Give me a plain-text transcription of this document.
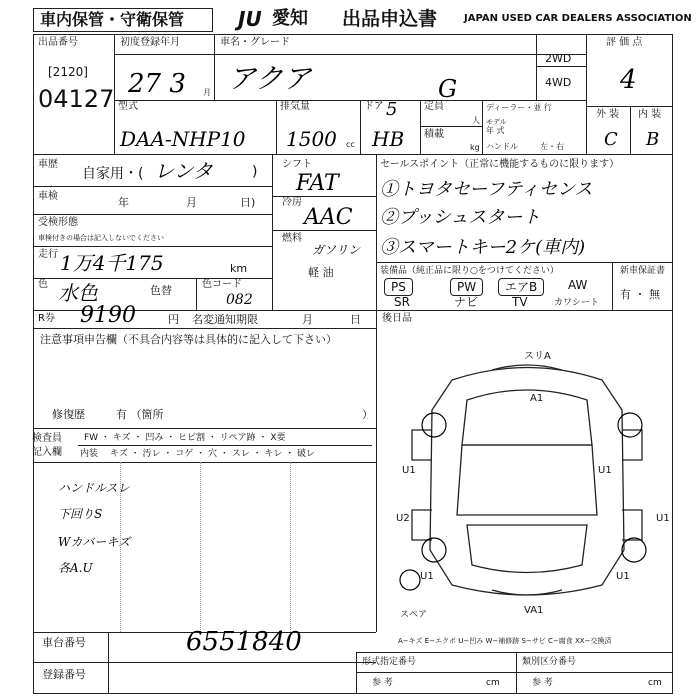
車内保管・守衛保管	JU 愛知 出品申込書	JAPAN USED CAR DEALERS ASSOCIATION
出品番号
[2120]
04127
初度登録年月
27 3 月
車名・グレード
アクア	G
2WD
4WD
評 価 点
4
外 装 内 装
C B
型式
DAA-NHP10
排気量
1500 cc
ドア 5
HB
定員
人
積載
kg
ディーラー・並 行
モデル
年 式
ハンドル	左・右
車歴
自家用・( レンタ	)
車検	年	月	日)
受検形態
車検付きの場合は記入しないでください
走行 1万4千175	km
色 水色	色替	色コード
082
シフト
FAT
冷房
AAC
燃料
ガソリン
軽 油
セールスポイント（正常に機能するものに限ります）
①トヨタセーフティセンス
②プッシュスタート
③スマートキー2ケ(車内)
装備品（純正品に限り○をつけてください）
PS	PW	エアB	AW
SR	ナビ	TV	カワシート
新車保証書
有 ・ 無
R券 9190	円 名変通知期限	月	日 後日品
注意事項申告欄（不具合内容等は具体的に記入して下さい）
修復歴	有 （箇所	）
検査員
記入欄
FW ・ キズ ・ 凹み ・ ヒビ割 ・ リペア跡 ・ X要
内装 キズ ・ 汚レ ・ コゲ ・ 穴 ・ スレ ・ キレ ・ 破レ
ハンドルスレ
下回りS
Wカバーキズ
各A.U
スリA
A1
U1
U2
U1
U1	U1
VA1
U1
スペア
A−キズ E−エクボ U−凹み W−補修跡 S−サビ C−腐食 XX−交換済
車台番号	6551840
登録番号
形式指定番号	類別区分番号
参 考	cm	参 考	cm
